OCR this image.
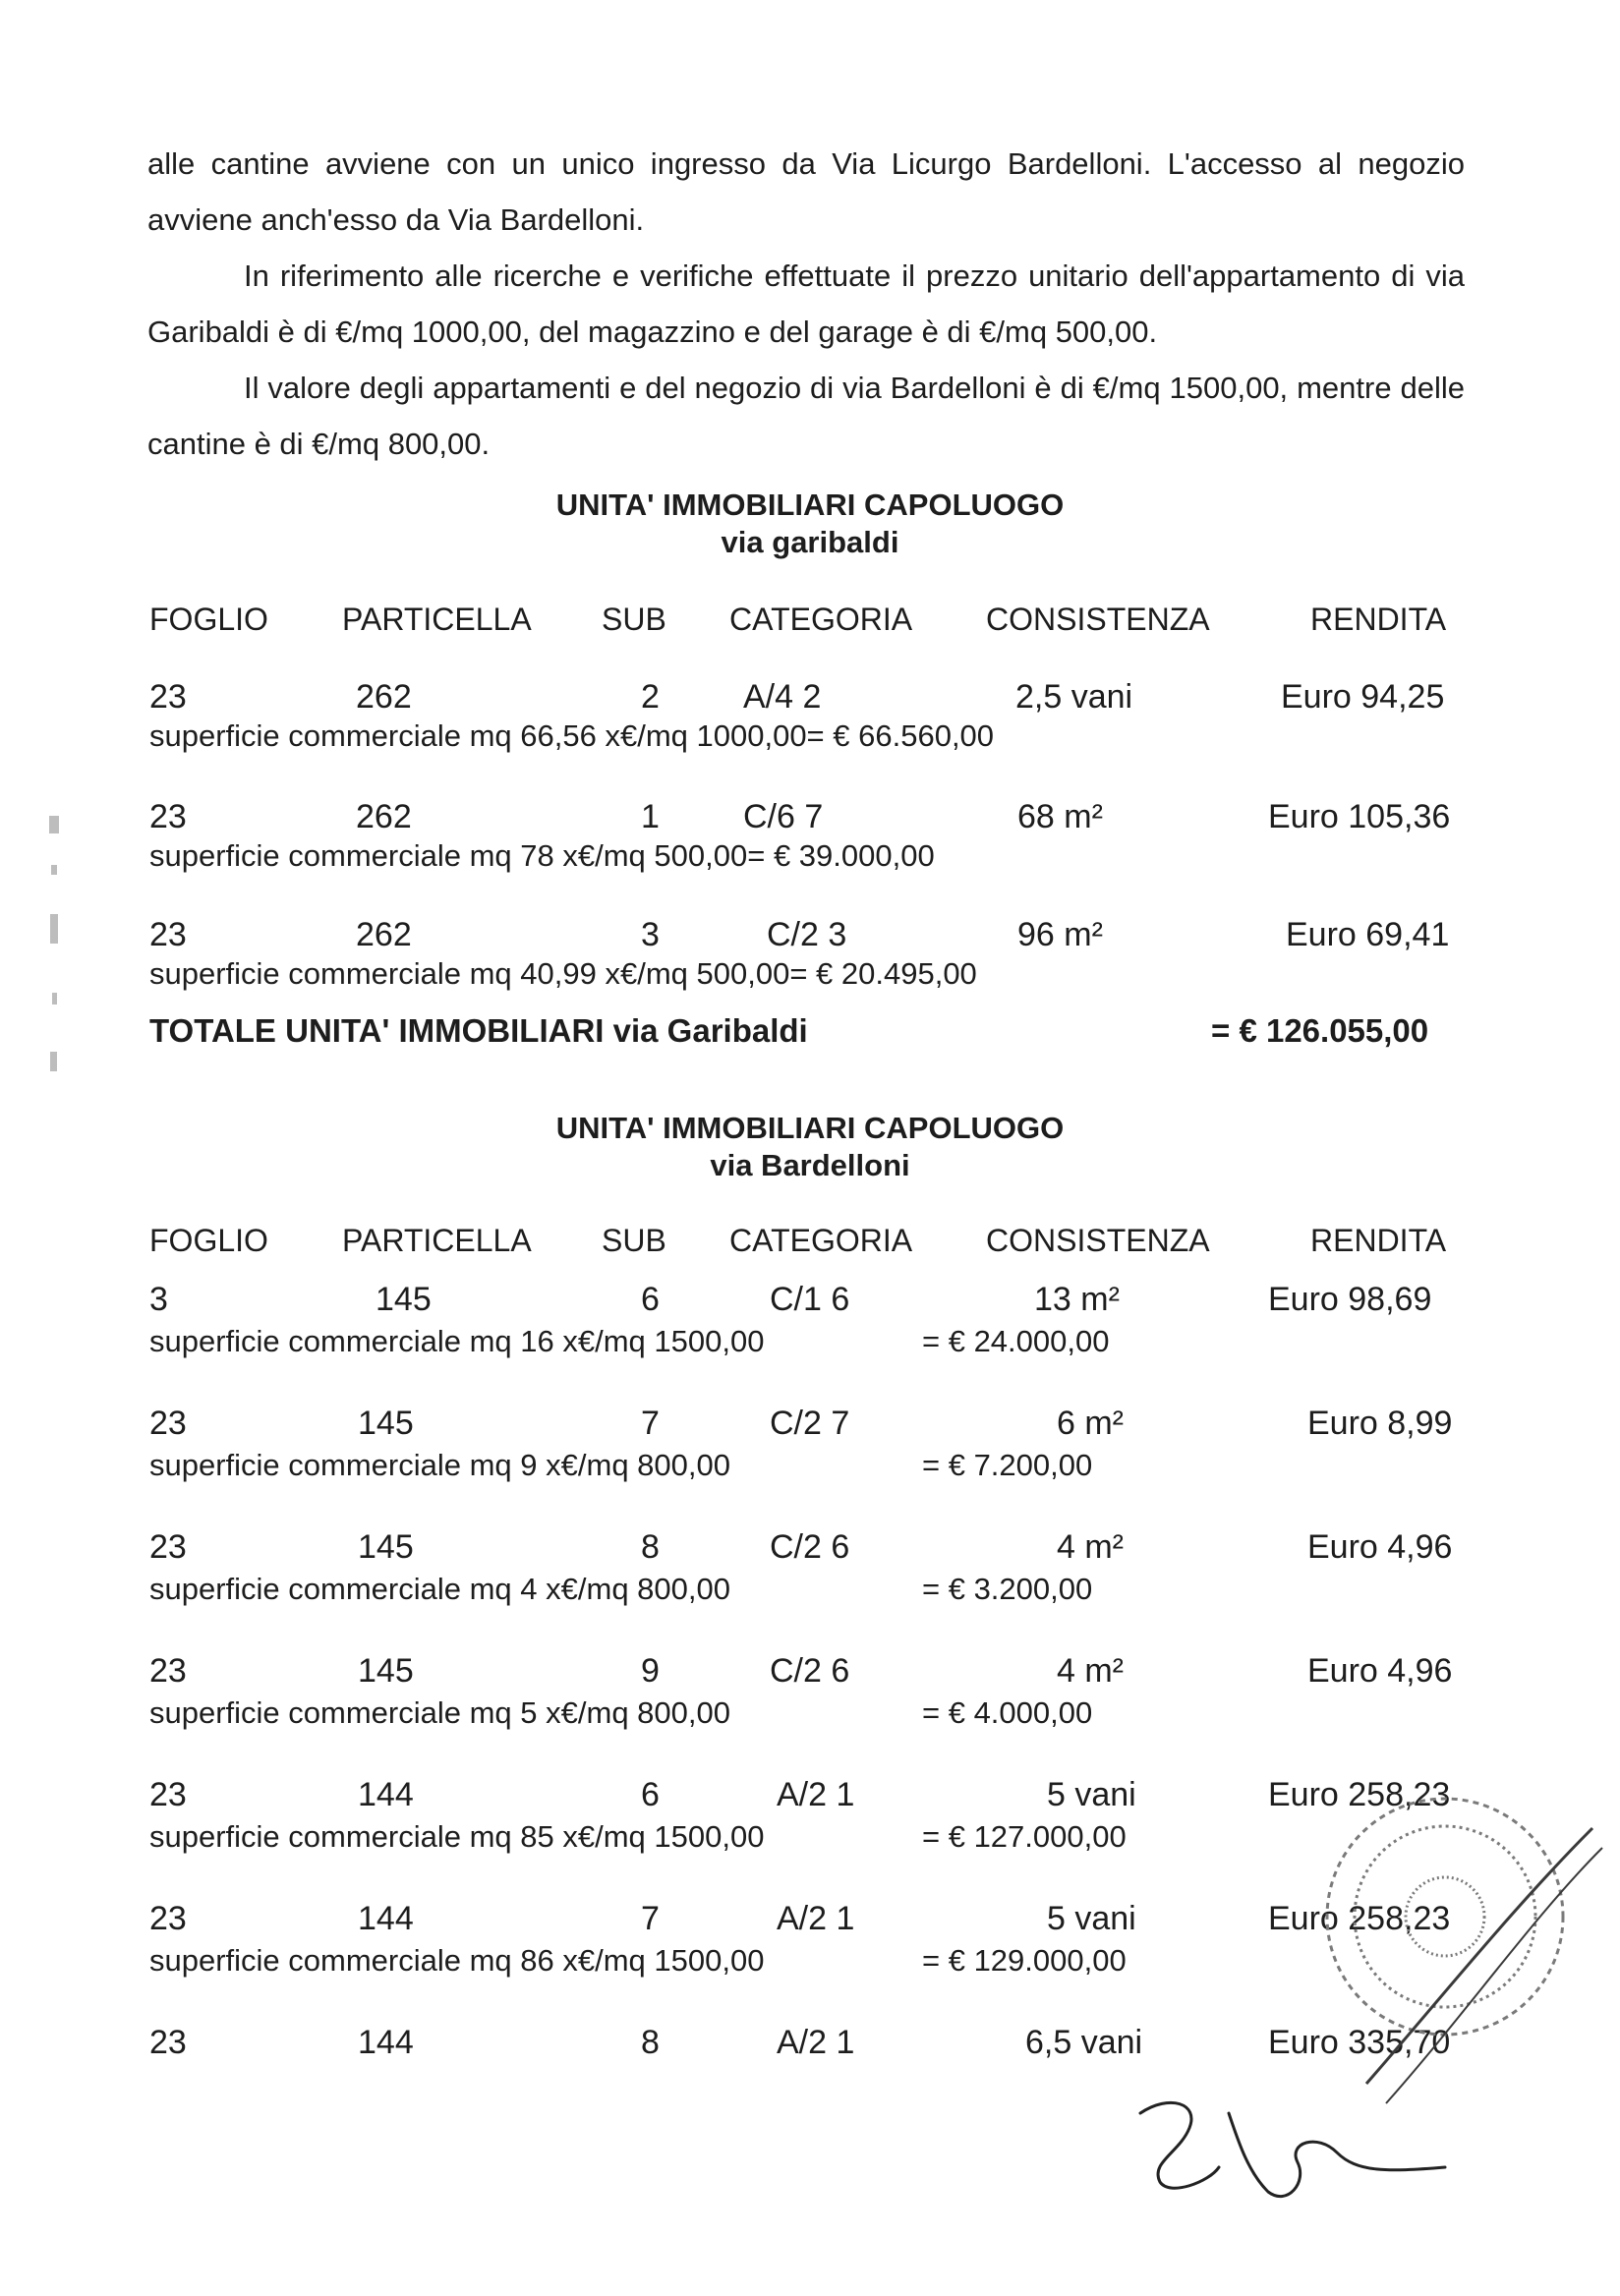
alle cantine avviene con un unico ingresso da Via Licurgo Bardelloni. L'accesso al negozio avviene anch'esso da Via Bardelloni.

In riferimento alle ricerche e verifiche effettuate il prezzo unitario dell'appartamento di via Garibaldi è di €/mq 1000,00, del magazzino e del garage è di €/mq 500,00.

Il valore degli appartamenti e del negozio di via Bardelloni è di €/mq 1500,00, mentre delle cantine è di €/mq 800,00.

UNITA' IMMOBILIARI CAPOLUOGO

via garibaldi

FOGLIO PARTICELLA SUB CATEGORIA CONSISTENZA	RENDITA
23	262	2	A/4 2	2,5 vani	Euro 94,25
superficie commerciale mq 66,56 x€/mq 1000,00= € 66.560,00
23	262	1	C/6 7	68 m²	Euro 105,36
superficie commerciale mq 78 x€/mq 500,00= € 39.000,00
23	262	3	C/2 3	96 m²	Euro 69,41
superficie commerciale mq 40,99 x€/mq 500,00= € 20.495,00
TOTALE UNITA' IMMOBILIARI via Garibaldi	= € 126.055,00

UNITA' IMMOBILIARI CAPOLUOGO

via Bardelloni

FOGLIO PARTICELLA SUB CATEGORIA CONSISTENZA	RENDITA
3	145	6	C/1 6	13 m²	Euro 98,69
superficie commerciale mq 16 x€/mq 1500,00	= € 24.000,00
23	145	7	C/2 7	6 m²	Euro 8,99
superficie commerciale mq 9 x€/mq 800,00	= € 7.200,00
23	145	8	C/2 6	4 m²	Euro 4,96
superficie commerciale mq 4 x€/mq 800,00	= € 3.200,00
23	145	9	C/2 6	4 m²	Euro 4,96
superficie commerciale mq 5 x€/mq 800,00	= € 4.000,00
23	144	6	A/2 1	5 vani	Euro 258,23
superficie commerciale mq 85 x€/mq 1500,00	= € 127.000,00
23	144	7	A/2 1	5 vani	Euro 258,23
superficie commerciale mq 86 x€/mq 1500,00	= € 129.000,00
23	144	8	A/2 1	6,5 vani	Euro 335,70
